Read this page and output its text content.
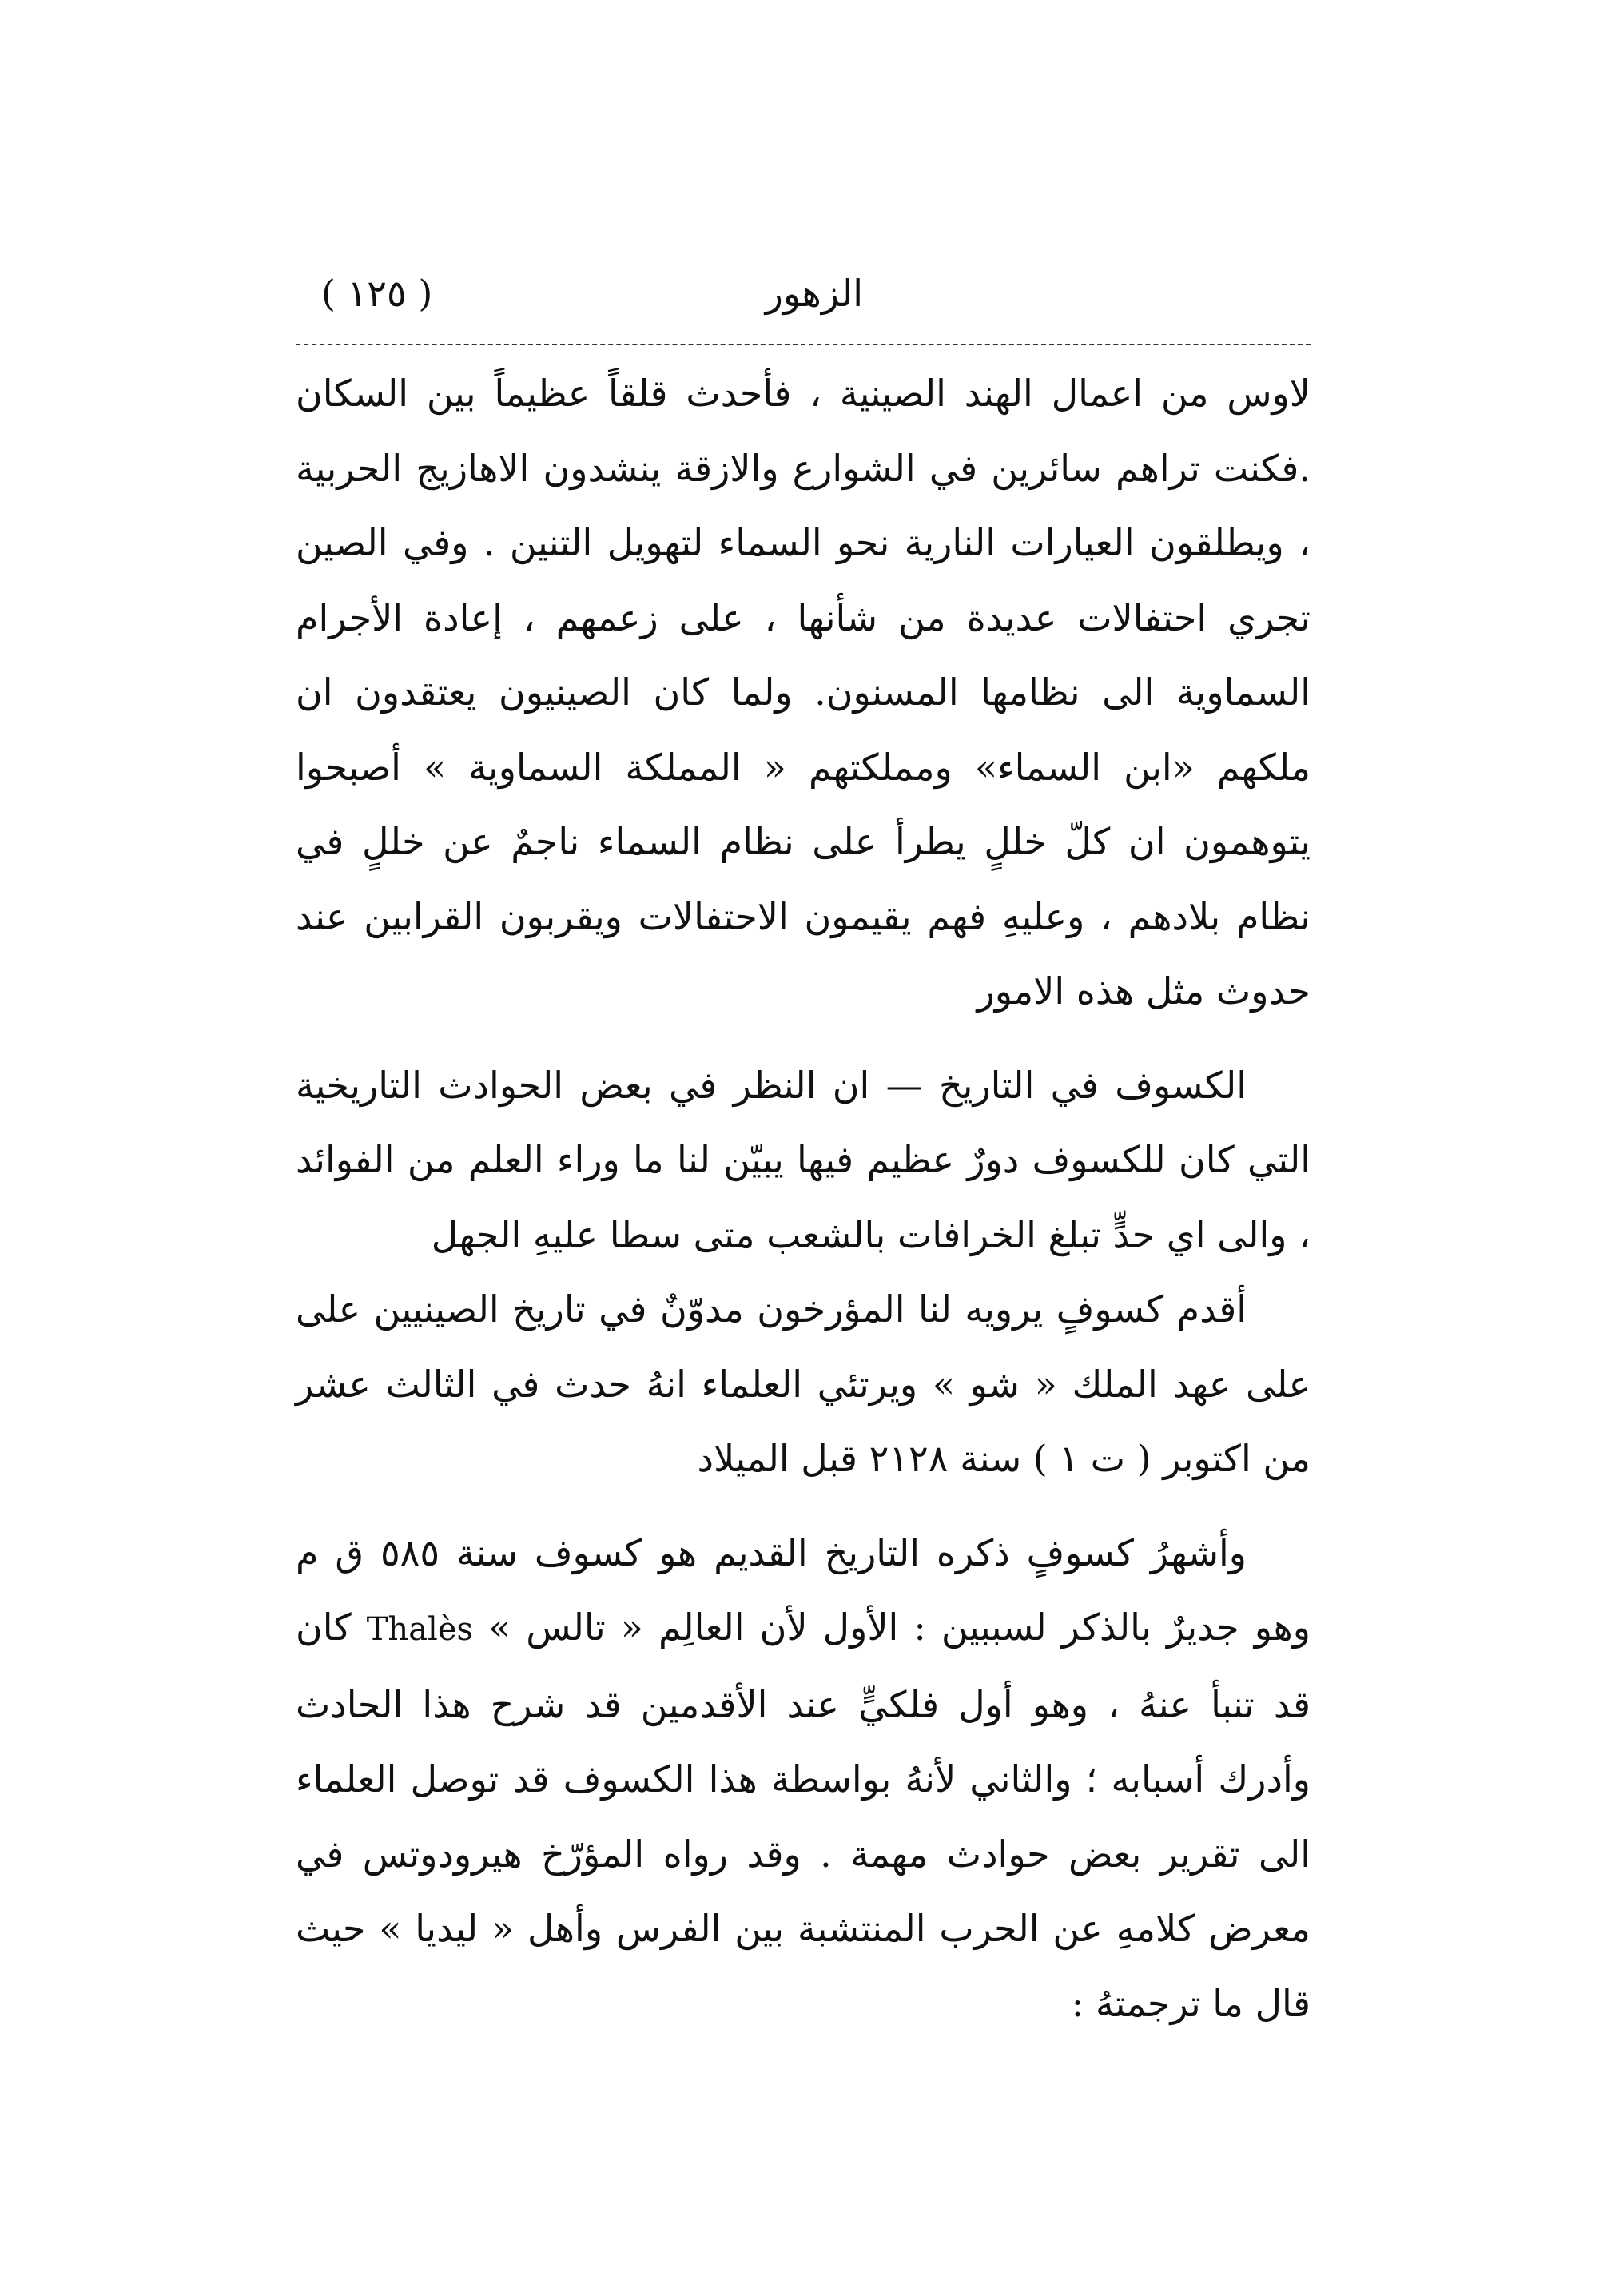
الزهور
( ١٢٥ )

لاوس من اعمال الهند الصينية ، فأحدث قلقاً عظيماً بين السكان .فكنت تراهم سائرين في الشوارع والازقة ينشدون الاهازيج الحربية ، ويطلقون العيارات النارية نحو السماء لتهويل التنين . وفي الصين تجري احتفالات عديدة من شأنها ، على زعمهم ، إعادة الأجرام السماوية الى نظامها المسنون. ولما كان الصينيون يعتقدون ان ملكهم «ابن السماء» ومملكتهم « المملكة السماوية » أصبحوا يتوهمون ان كلّ خللٍ يطرأ على نظام السماء ناجمٌ عن خللٍ في نظام بلادهم ، وعليهِ فهم يقيمون الاحتفالات ويقربون القرابين عند حدوث مثل هذه الامور

الكسوف في التاريخ — ان النظر في بعض الحوادث التاريخية التي كان للكسوف دورٌ عظيم فيها يبيّن لنا ما وراء العلم من الفوائد ، والى اي حدٍّ تبلغ الخرافات بالشعب متى سطا عليهِ الجهل

أقدم كسوفٍ يرويه لنا المؤرخون مدوّنٌ في تاريخ الصينيين على على عهد الملك « شو » ويرتئي العلماء انهُ حدث في الثالث عشر من اكتوبر ( ت ١ ) سنة ٢١٢٨ قبل الميلاد

وأشهرُ كسوفٍ ذكره التاريخ القديم هو كسوف سنة ٥٨٥ ق م وهو جديرٌ بالذكر لسببين : الأول لأن العالِم « تالس » Thalès كان قد تنبأ عنهُ ، وهو أول فلكيٍّ عند الأقدمين قد شرح هذا الحادث وأدرك أسبابه ؛ والثاني لأنهُ بواسطة هذا الكسوف قد توصل العلماء الى تقرير بعض حوادث مهمة . وقد رواه المؤرّخ هيرودوتس في معرض كلامهِ عن الحرب المنتشبة بين الفرس وأهل « ليديا » حيث قال ما ترجمتهُ :
